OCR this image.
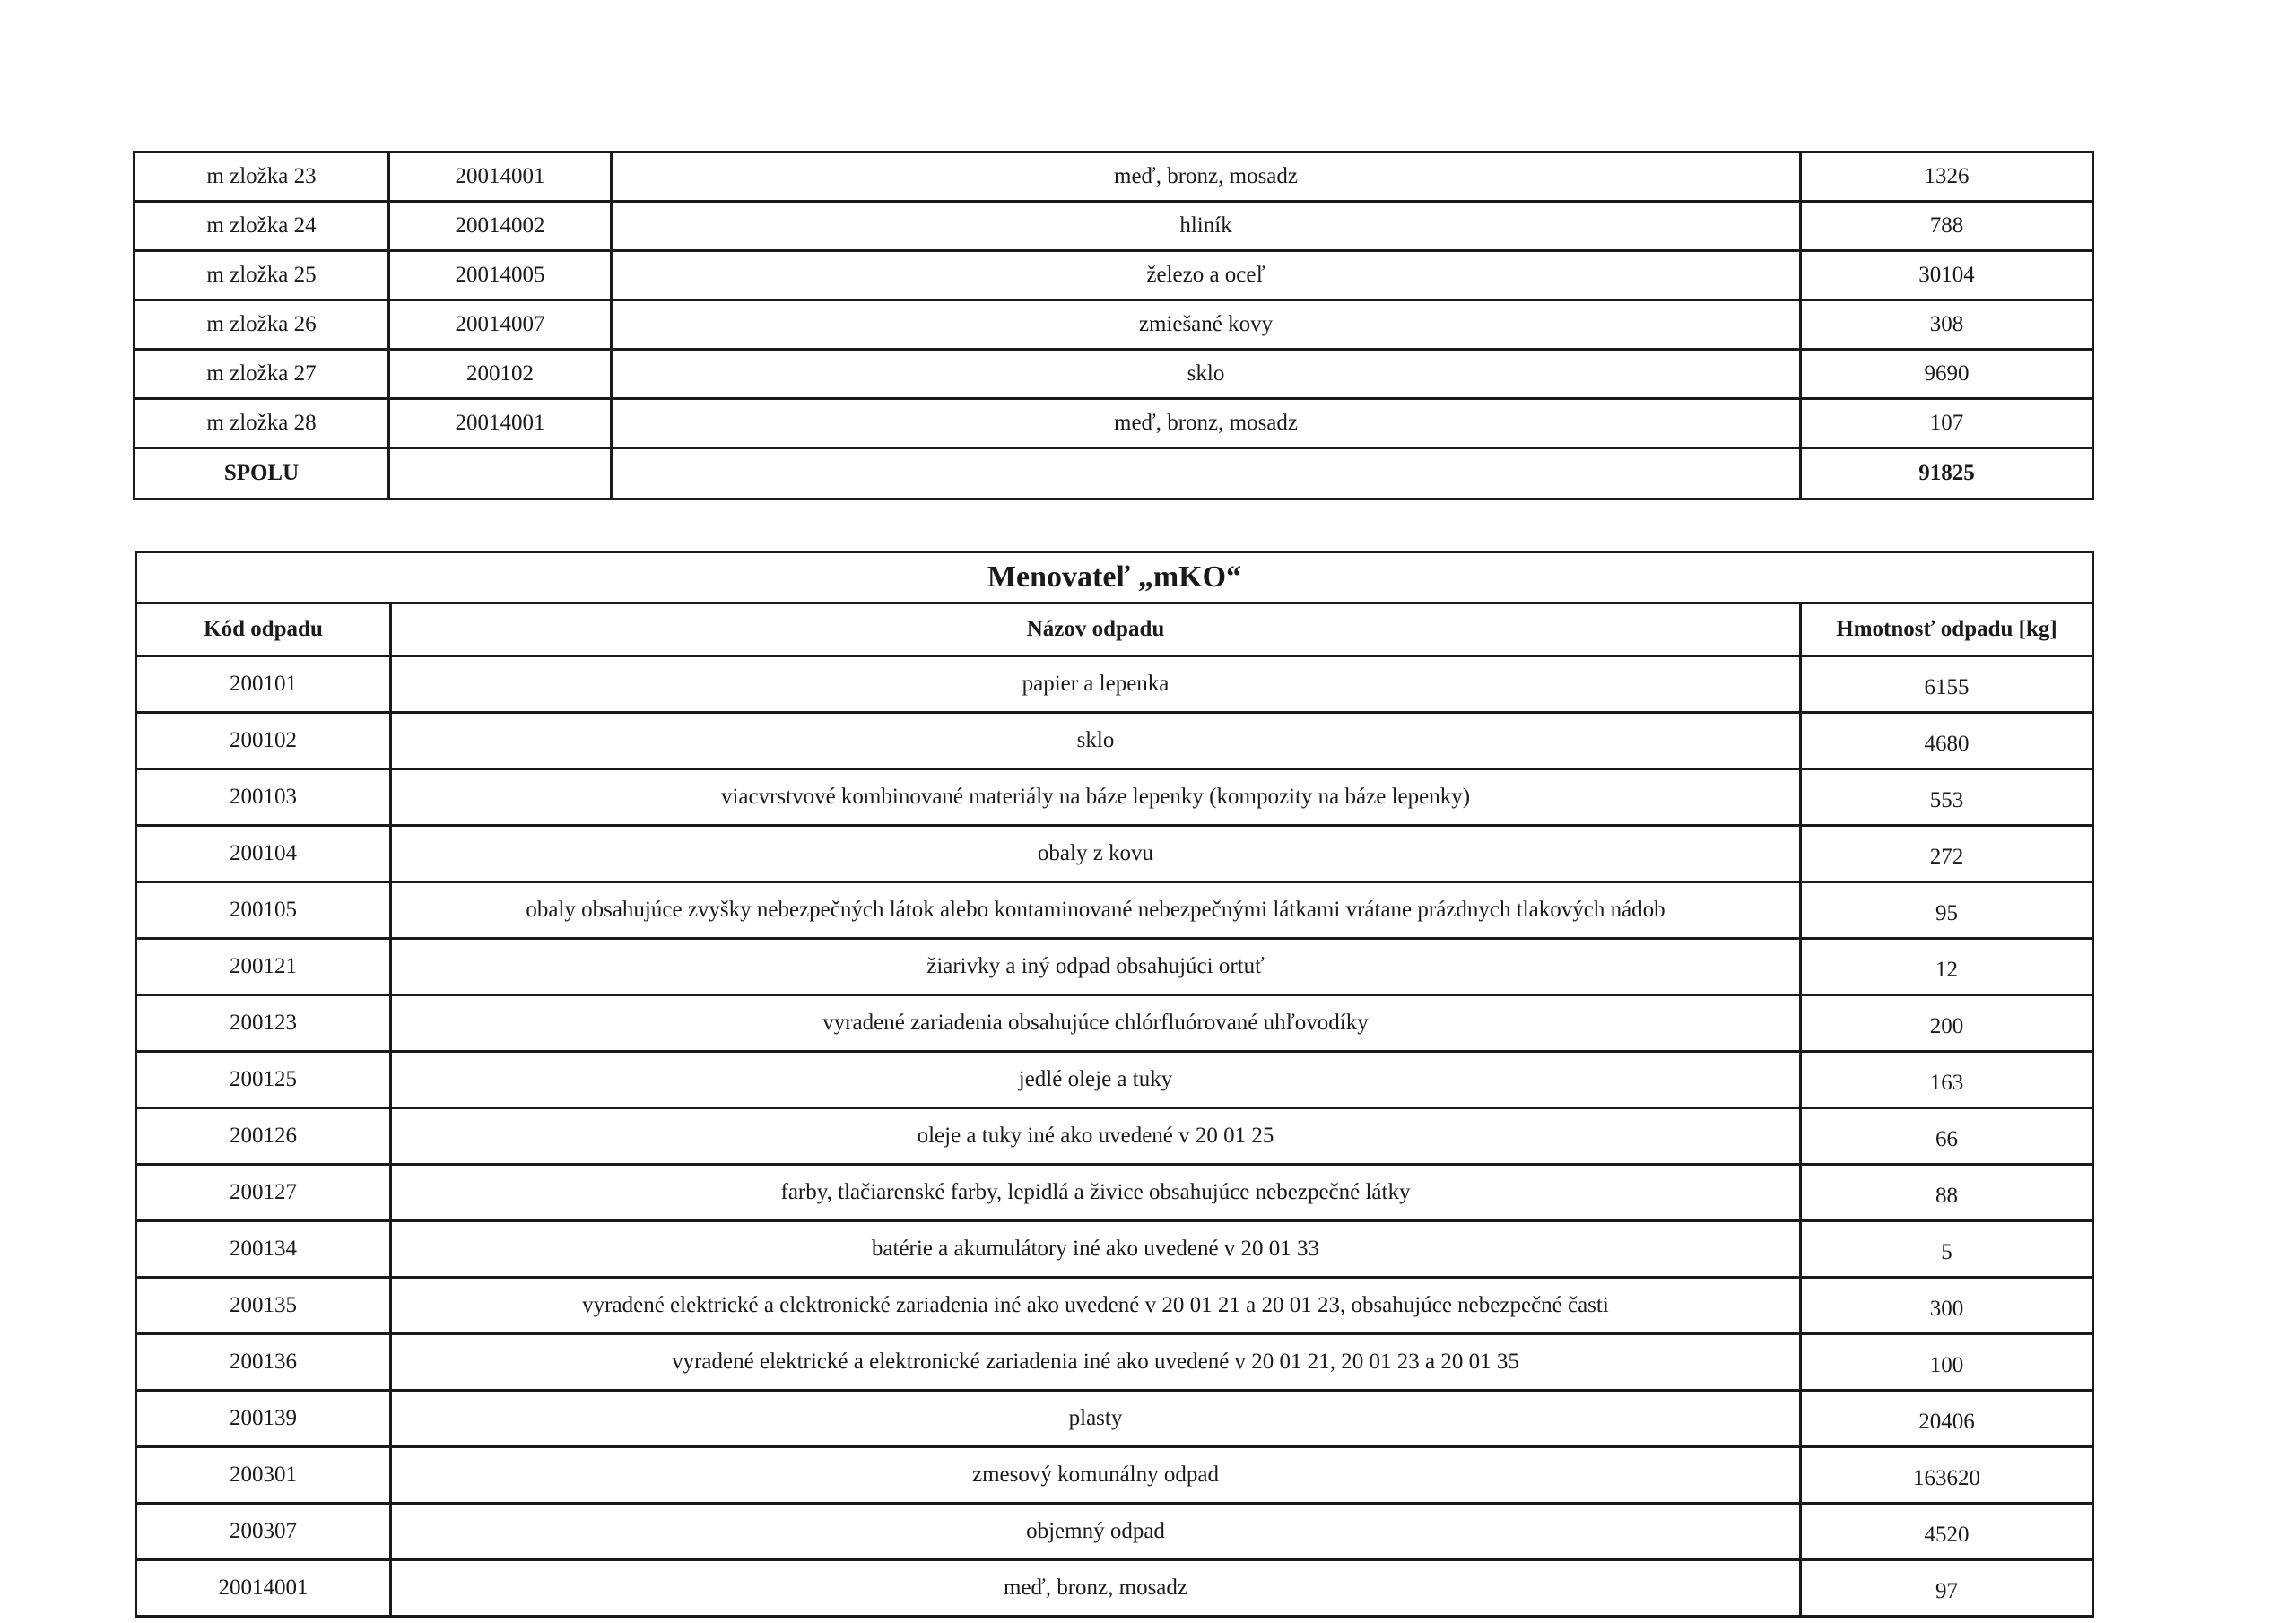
m zložka 23	20014001	meď, bronz, mosadz	1326
m zložka 24	20014002	hliník	788
m zložka 25	20014005	železo a oceľ	30104
m zložka 26	20014007	zmiešané kovy	308
m zložka 27	200102	sklo	9690
m zložka 28	20014001	meď, bronz, mosadz	107
SPOLU			91825
Menovateľ „mKO“		
Kód odpadu	Názov odpadu	Hmotnosť odpadu [kg]
200101	papier a lepenka	6155
200102	sklo	4680
200103	viacvrstvové kombinované materiály na báze lepenky (kompozity na báze lepenky)	553
200104	obaly z kovu	272
200105	obaly obsahujúce zvyšky nebezpečných látok alebo kontaminované nebezpečnými látkami vrátane prázdnych tlakových nádob	95
200121	žiarivky a iný odpad obsahujúci ortuť	12
200123	vyradené zariadenia obsahujúce chlórfluórované uhľovodíky	200
200125	jedlé oleje a tuky	163
200126	oleje a tuky iné ako uvedené v 20 01 25	66
200127	farby, tlačiarenské farby, lepidlá a živice obsahujúce nebezpečné látky	88
200134	batérie a akumulátory iné ako uvedené v 20 01 33	5
200135	vyradené elektrické a elektronické zariadenia iné ako uvedené v 20 01 21 a 20 01 23, obsahujúce nebezpečné časti	300
200136	vyradené elektrické a elektronické zariadenia iné ako uvedené v 20 01 21, 20 01 23 a 20 01 35	100
200139	plasty	20406
200301	zmesový komunálny odpad	163620
200307	objemný odpad	4520
20014001	meď, bronz, mosadz	97
